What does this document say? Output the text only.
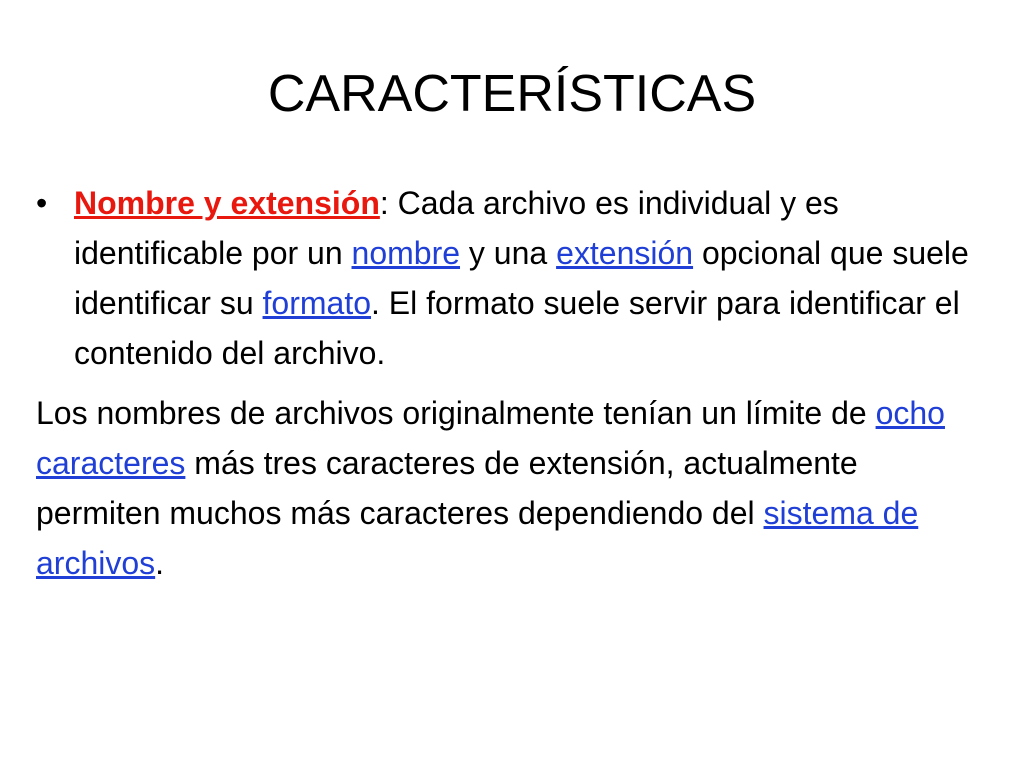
CARACTERÍSTICAS

• Nombre y extensión: Cada archivo es individual y es identificable por un nombre y una extensión opcional que suele identificar su formato. El formato suele servir para identificar el contenido del archivo.

Los nombres de archivos originalmente tenían un límite de ocho caracteres más tres caracteres de extensión, actualmente permiten muchos más caracteres dependiendo del sistema de archivos.
